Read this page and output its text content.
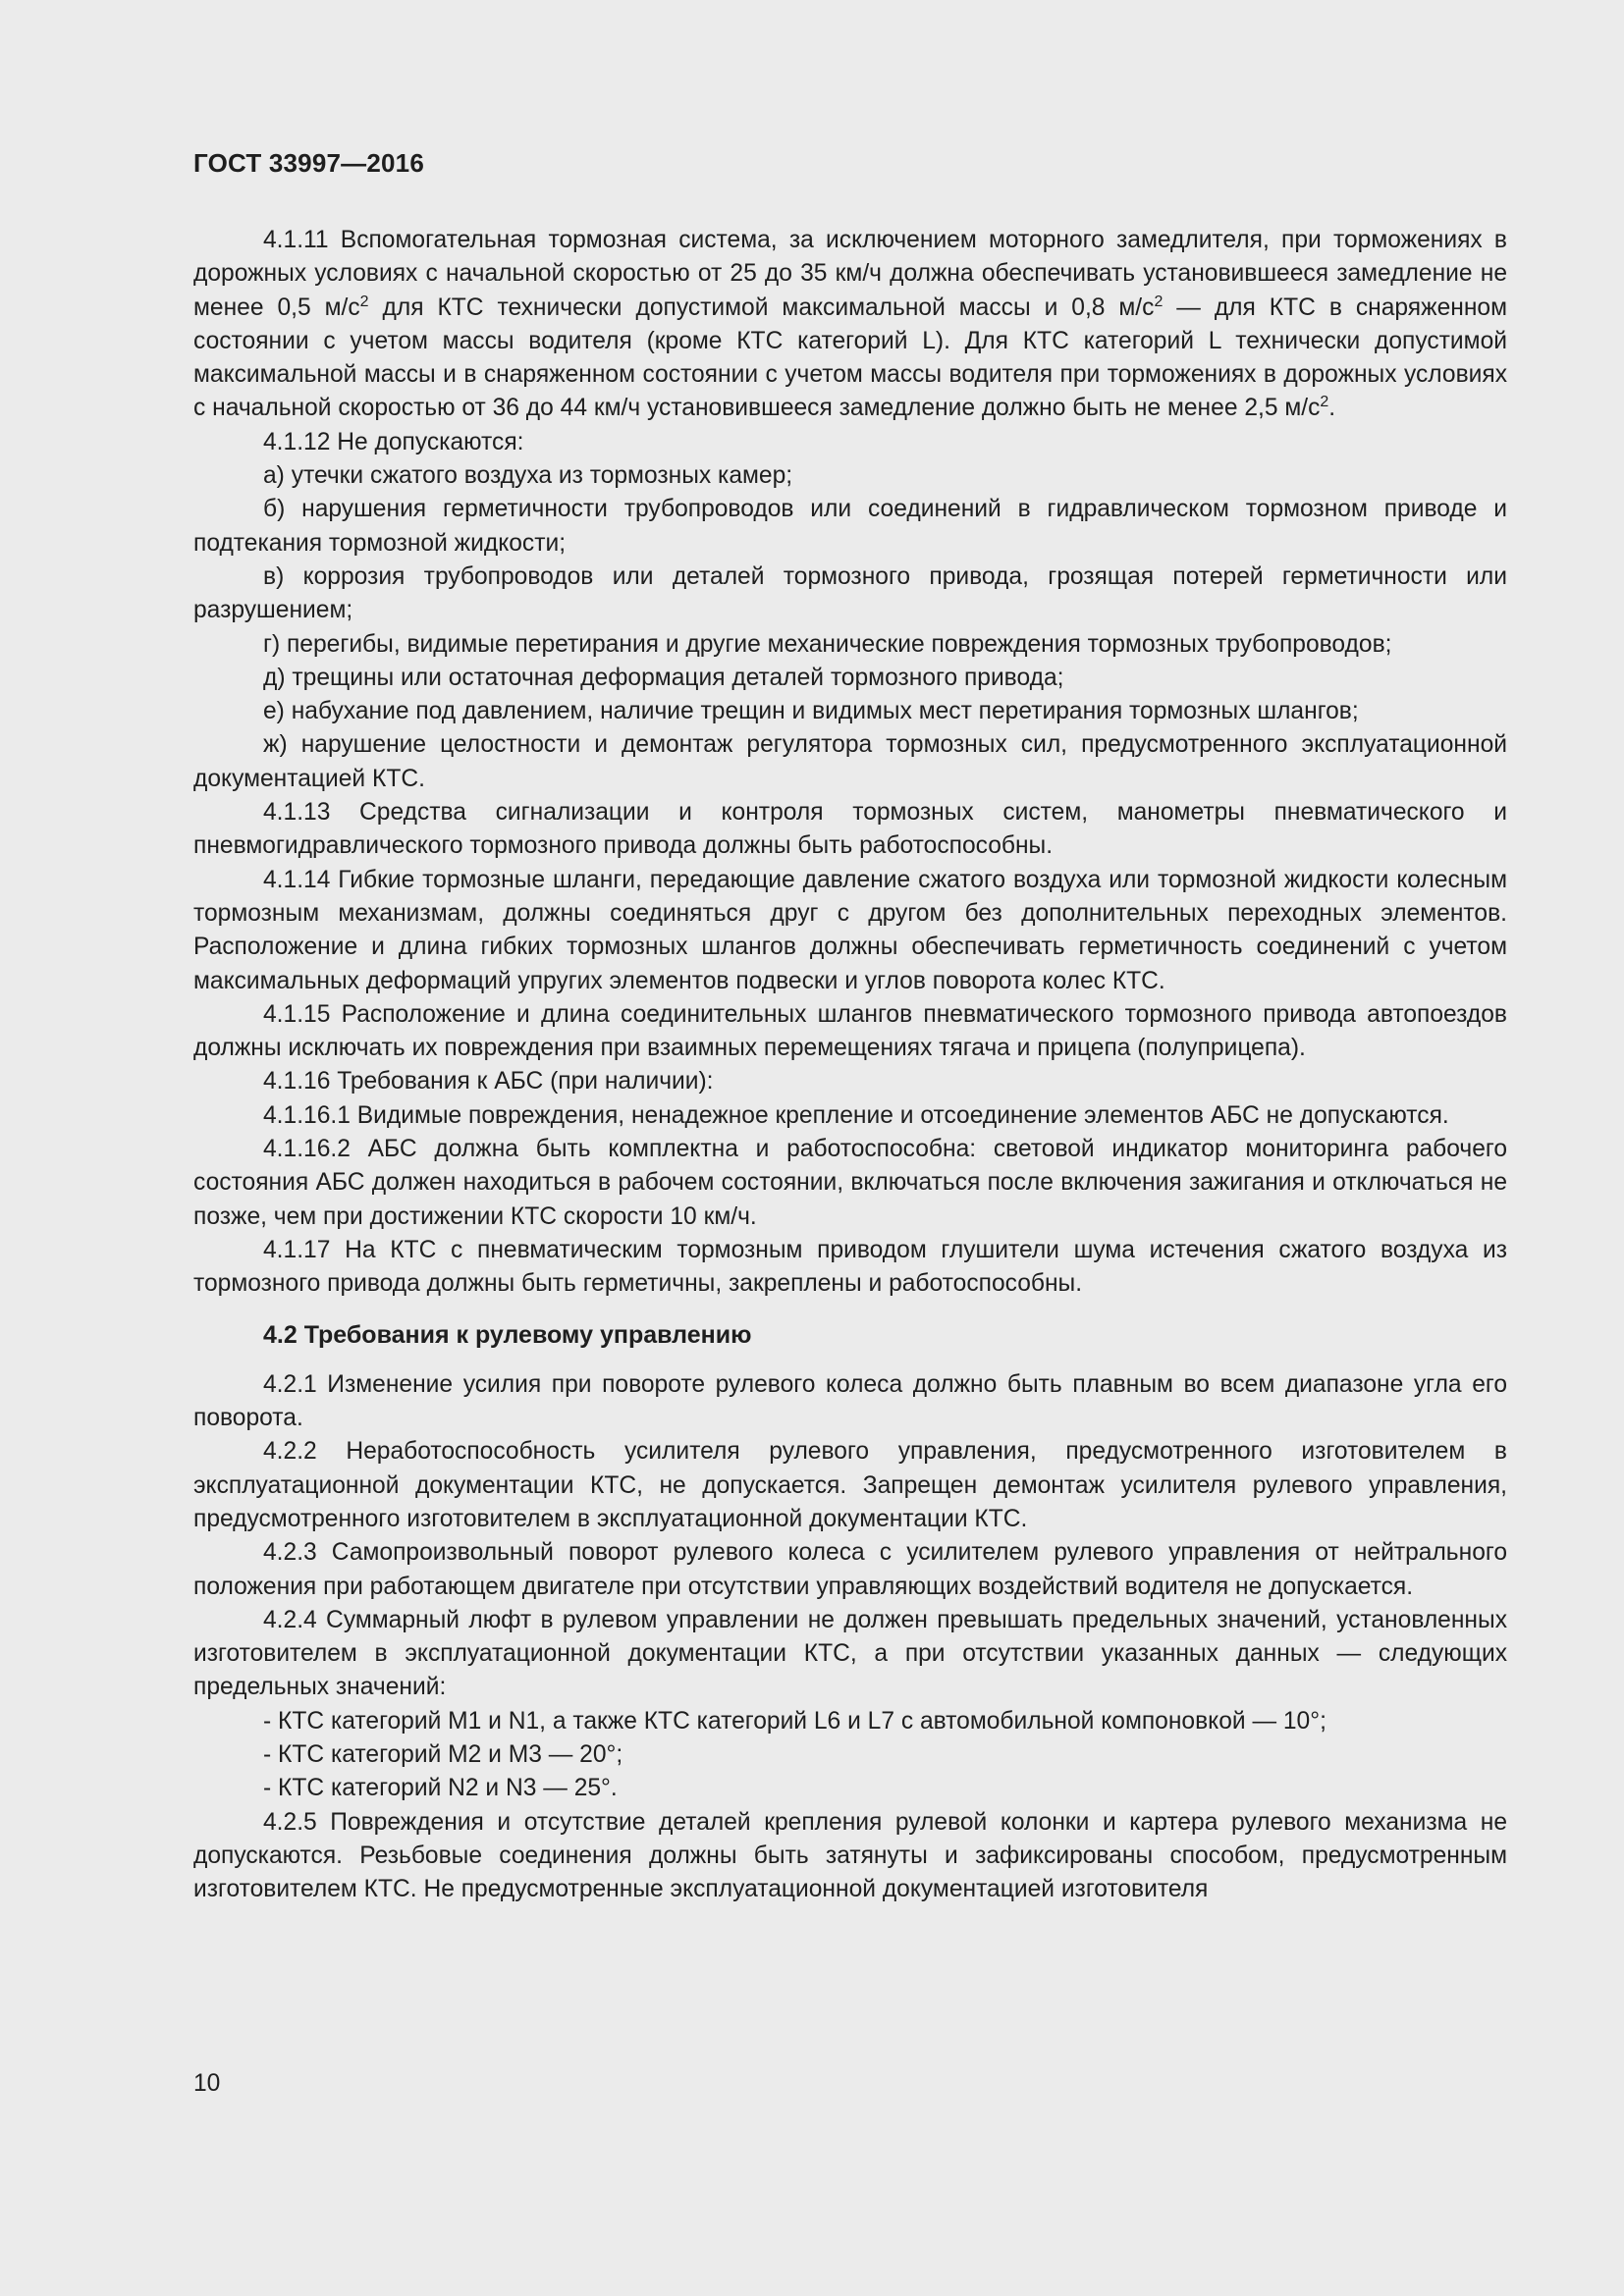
ГОСТ 33997—2016

4.1.11 Вспомогательная тормозная система, за исключением моторного замедлителя, при торможениях в дорожных условиях с начальной скоростью от 25 до 35 км/ч должна обеспечивать установившееся замедление не менее 0,5 $м/с^2$ для КТС технически допустимой максимальной массы и 0,8 $м/с^2$ — для КТС в снаряженном состоянии с учетом массы водителя (кроме КТС категорий L). Для КТС категорий L технически допустимой максимальной массы и в снаряженном состоянии с учетом массы водителя при торможениях в дорожных условиях с начальной скоростью от 36 до 44 км/ч установившееся замедление должно быть не менее 2,5 $м/с^2$.

4.1.12 Не допускаются:

а) утечки сжатого воздуха из тормозных камер;

б) нарушения герметичности трубопроводов или соединений в гидравлическом тормозном приводе и подтекания тормозной жидкости;

в) коррозия трубопроводов или деталей тормозного привода, грозящая потерей герметичности или разрушением;

г) перегибы, видимые перетирания и другие механические повреждения тормозных трубопроводов;

д) трещины или остаточная деформация деталей тормозного привода;

е) набухание под давлением, наличие трещин и видимых мест перетирания тормозных шлангов;

ж) нарушение целостности и демонтаж регулятора тормозных сил, предусмотренного эксплуатационной документацией КТС.

4.1.13 Средства сигнализации и контроля тормозных систем, манометры пневматического и пневмогидравлического тормозного привода должны быть работоспособны.

4.1.14 Гибкие тормозные шланги, передающие давление сжатого воздуха или тормозной жидкости колесным тормозным механизмам, должны соединяться друг с другом без дополнительных переходных элементов. Расположение и длина гибких тормозных шлангов должны обеспечивать герметичность соединений с учетом максимальных деформаций упругих элементов подвески и углов поворота колес КТС.

4.1.15 Расположение и длина соединительных шлангов пневматического тормозного привода автопоездов должны исключать их повреждения при взаимных перемещениях тягача и прицепа (полуприцепа).

4.1.16 Требования к АБС (при наличии):

4.1.16.1 Видимые повреждения, ненадежное крепление и отсоединение элементов АБС не допускаются.

4.1.16.2 АБС должна быть комплектна и работоспособна: световой индикатор мониторинга рабочего состояния АБС должен находиться в рабочем состоянии, включаться после включения зажигания и отключаться не позже, чем при достижении КТС скорости 10 км/ч.

4.1.17 На КТС с пневматическим тормозным приводом глушители шума истечения сжатого воздуха из тормозного привода должны быть герметичны, закреплены и работоспособны.

4.2 Требования к рулевому управлению

4.2.1 Изменение усилия при повороте рулевого колеса должно быть плавным во всем диапазоне угла его поворота.

4.2.2 Неработоспособность усилителя рулевого управления, предусмотренного изготовителем в эксплуатационной документации КТС, не допускается. Запрещен демонтаж усилителя рулевого управления, предусмотренного изготовителем в эксплуатационной документации КТС.

4.2.3 Самопроизвольный поворот рулевого колеса с усилителем рулевого управления от нейтрального положения при работающем двигателе при отсутствии управляющих воздействий водителя не допускается.

4.2.4 Суммарный люфт в рулевом управлении не должен превышать предельных значений, установленных изготовителем в эксплуатационной документации КТС, а при отсутствии указанных данных — следующих предельных значений:

- КТС категорий M1 и N1, а также КТС категорий L6 и L7 с автомобильной компоновкой — 10°;

- КТС категорий M2 и M3 — 20°;

- КТС категорий N2 и N3 — 25°.

4.2.5 Повреждения и отсутствие деталей крепления рулевой колонки и картера рулевого механизма не допускаются. Резьбовые соединения должны быть затянуты и зафиксированы способом, предусмотренным изготовителем КТС. Не предусмотренные эксплуатационной документацией изготовителя

10
